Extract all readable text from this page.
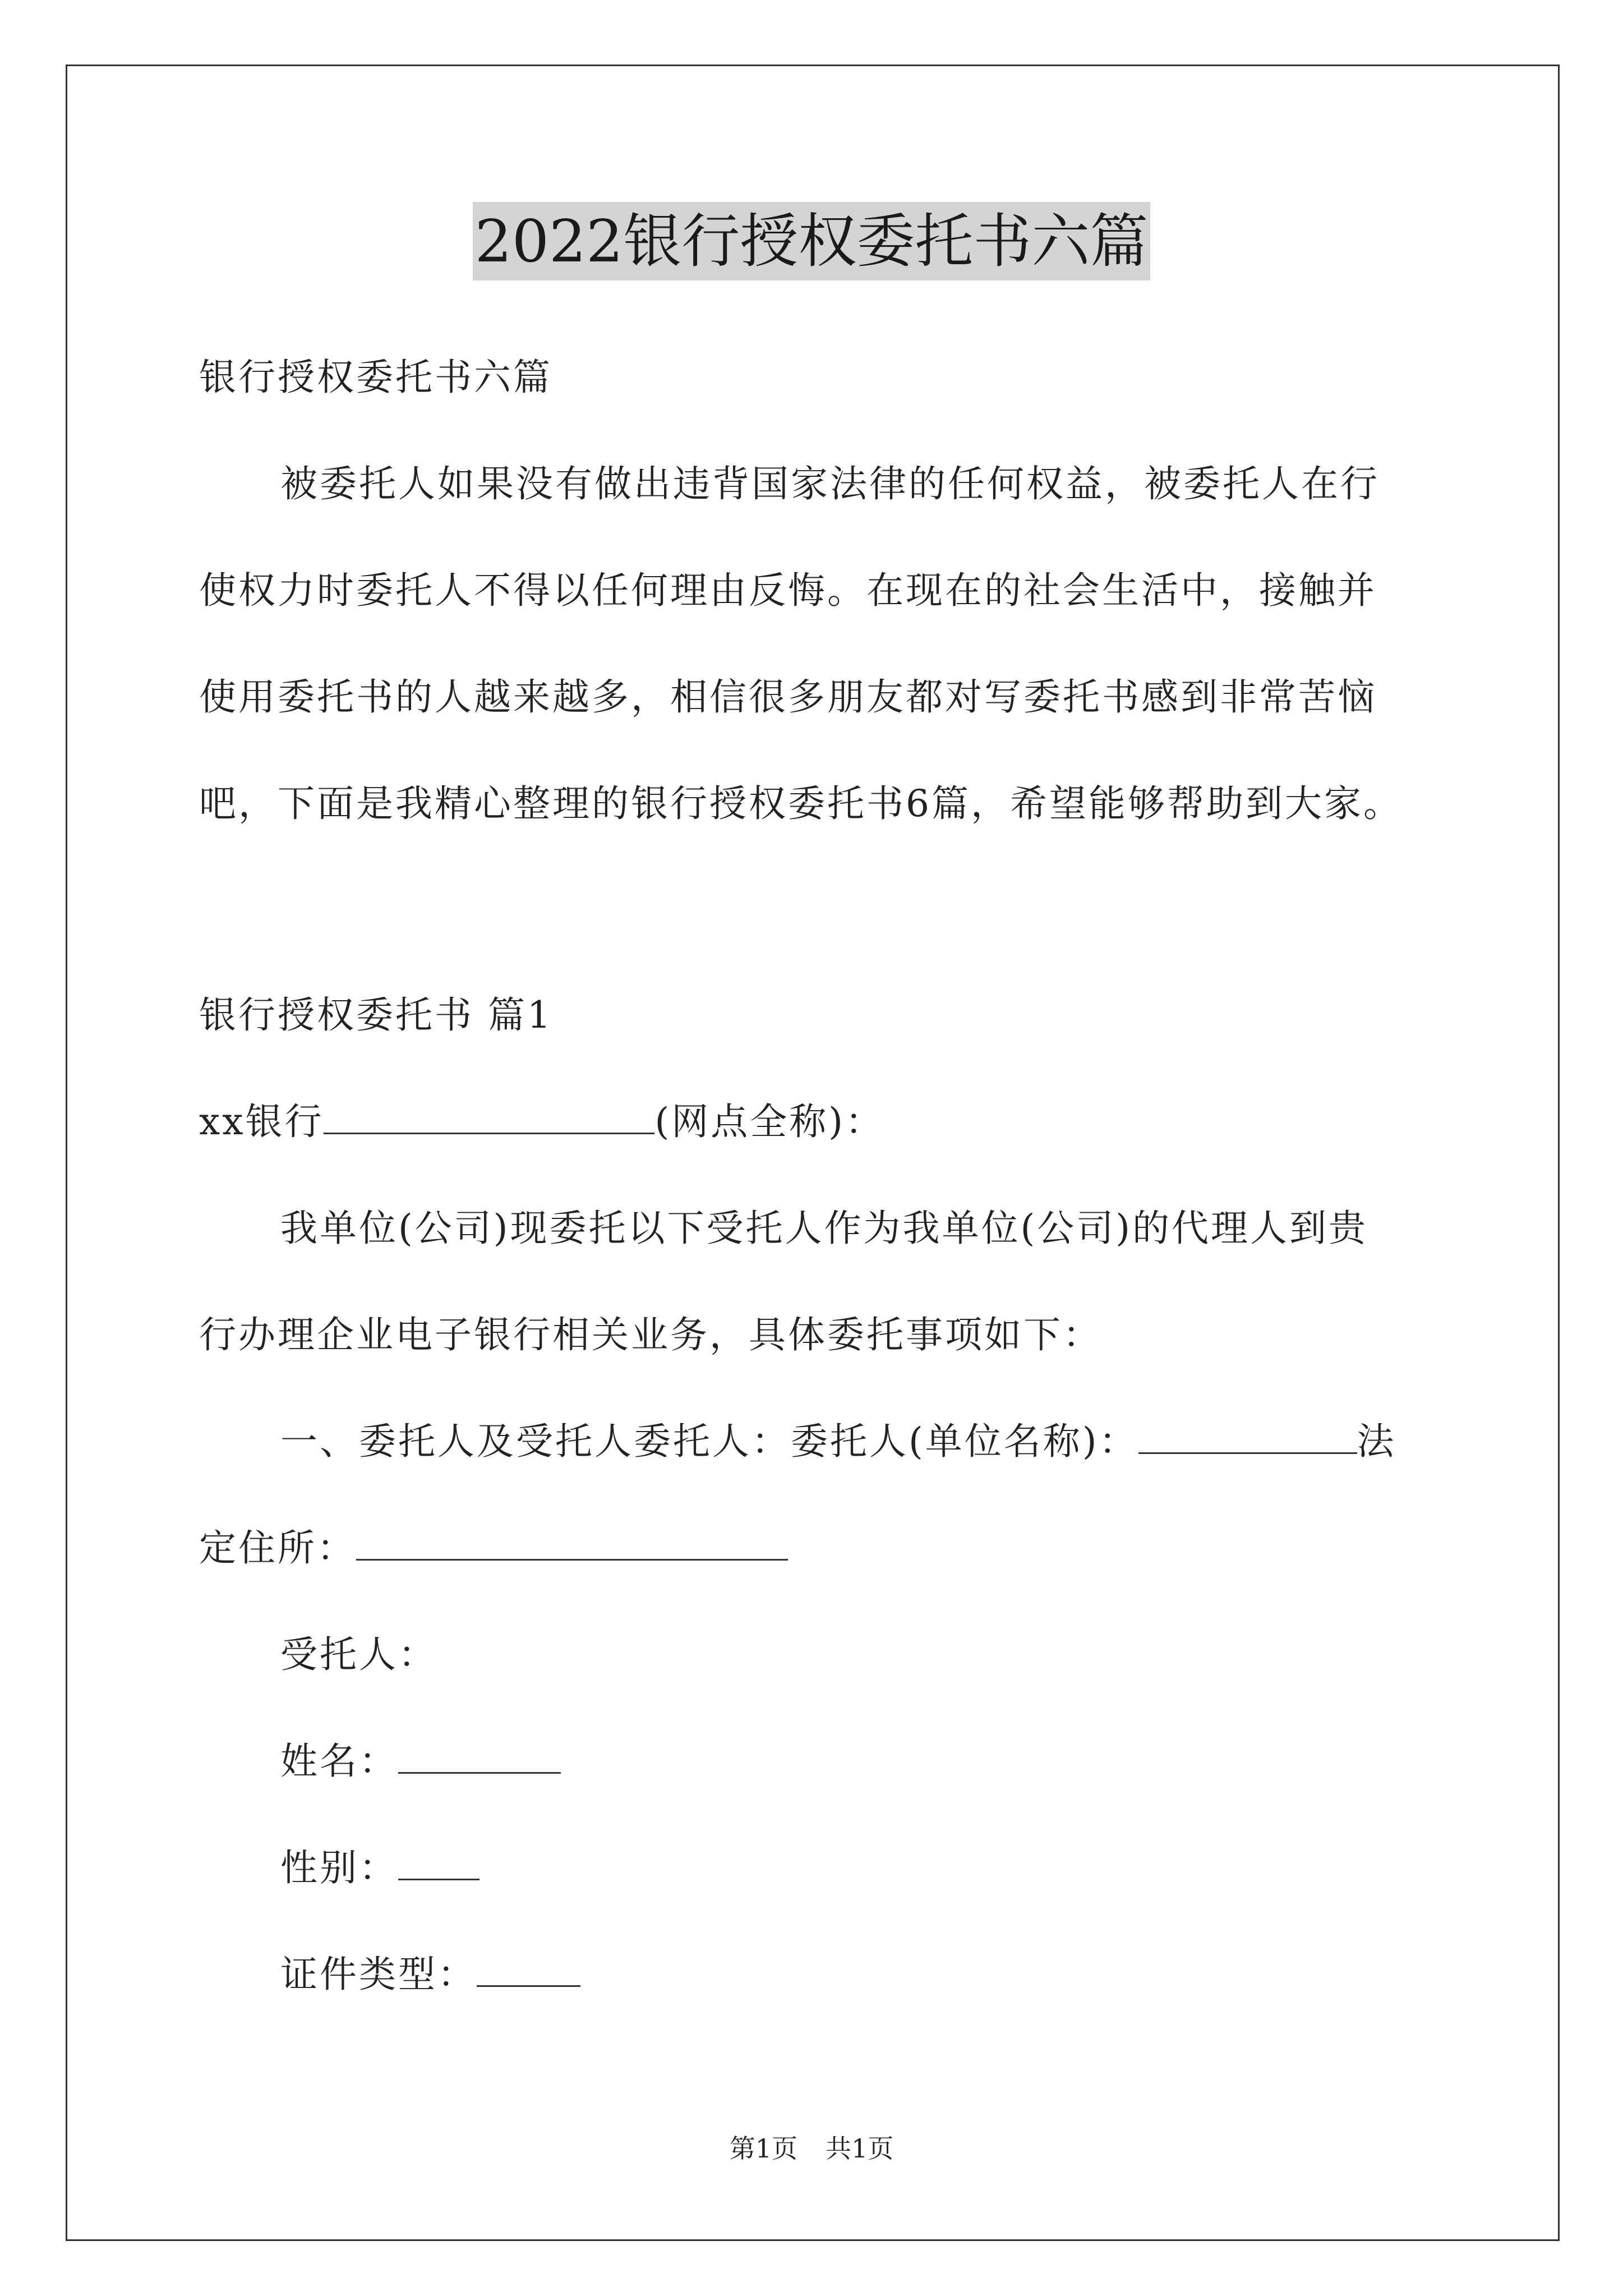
2022银行授权委托书六篇
银行授权委托书六篇
被委托人如果没有做出违背国家法律的任何权益，被委托人在行
使权力时委托人不得以任何理由反悔。在现在的社会生活中，接触并
使用委托书的人越来越多，相信很多朋友都对写委托书感到非常苦恼
吧，下面是我精心整理的银行授权委托书6篇，希望能够帮助到大家。
银行授权委托书 篇1
xx银行	(网点全称)：
我单位(公司)现委托以下受托人作为我单位(公司)的代理人到贵
行办理企业电子银行相关业务，具体委托事项如下：
一、委托人及受托人委托人：委托人(单位名称)：	法
定住所：
受托人：
姓名：
性别：
证件类型：
第1页 共1页
